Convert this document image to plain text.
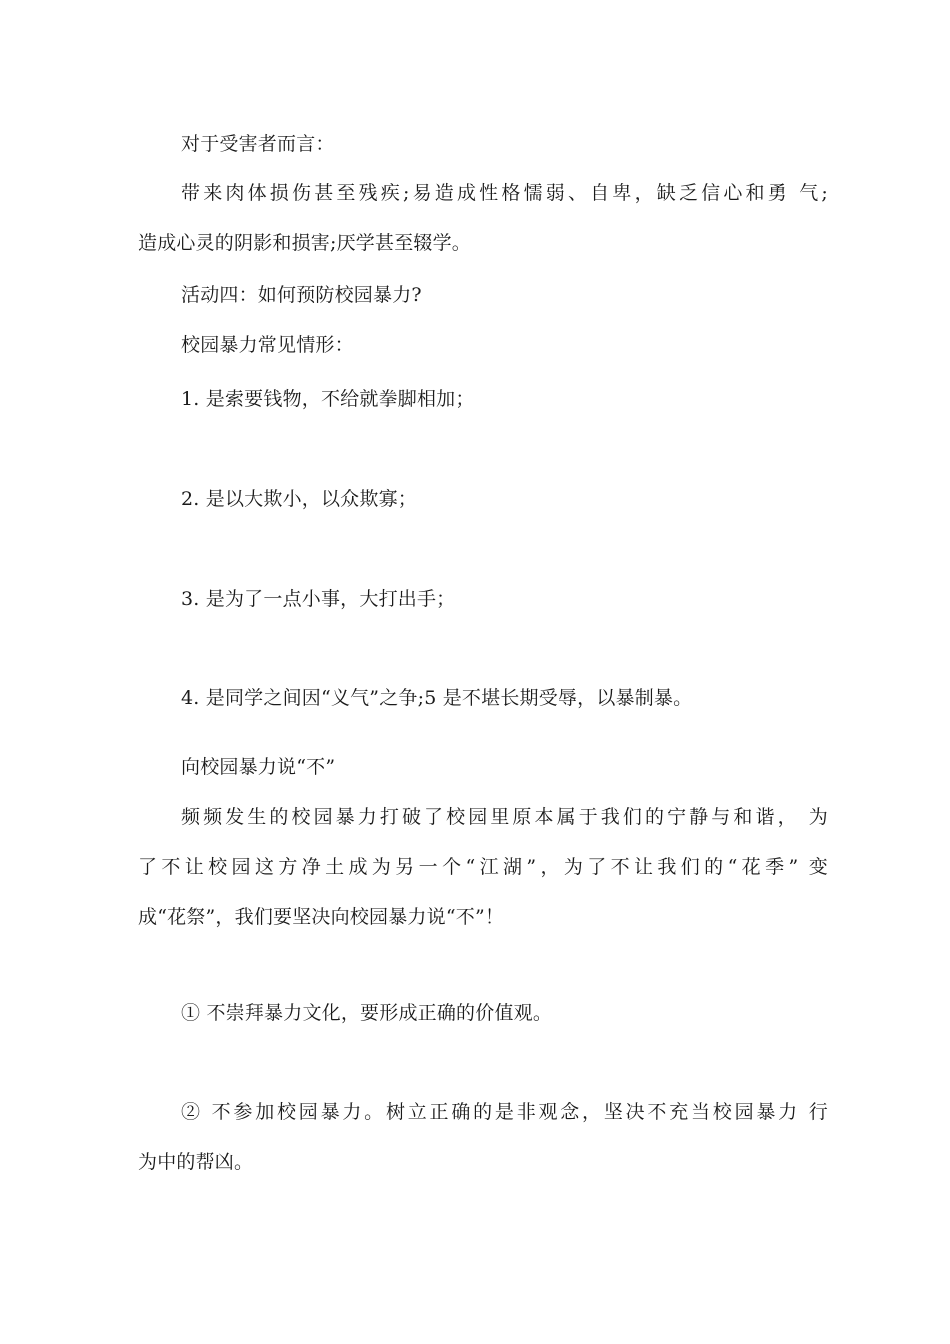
对于受害者而言：
带来肉体损伤甚至残疾;易造成性格懦弱、自卑，缺乏信心和勇 气;
造成心灵的阴影和损害;厌学甚至辍学。
活动四：如何预防校园暴力?
校园暴力常见情形：
1. 是索要钱物，不给就拳脚相加；
2. 是以大欺小，以众欺寡；
3. 是为了一点小事，大打出手；
4. 是同学之间因“义气”之争;5 是不堪长期受辱，以暴制暴。
向校园暴力说“不”
频频发生的校园暴力打破了校园里原本属于我们的宁静与和谐， 为
了不让校园这方净土成为另一个“江湖”，为了不让我们的“花季” 变
成“花祭”，我们要坚决向校园暴力说“不”！
① 不崇拜暴力文化，要形成正确的价值观。
② 不参加校园暴力。树立正确的是非观念，坚决不充当校园暴力 行
为中的帮凶。
